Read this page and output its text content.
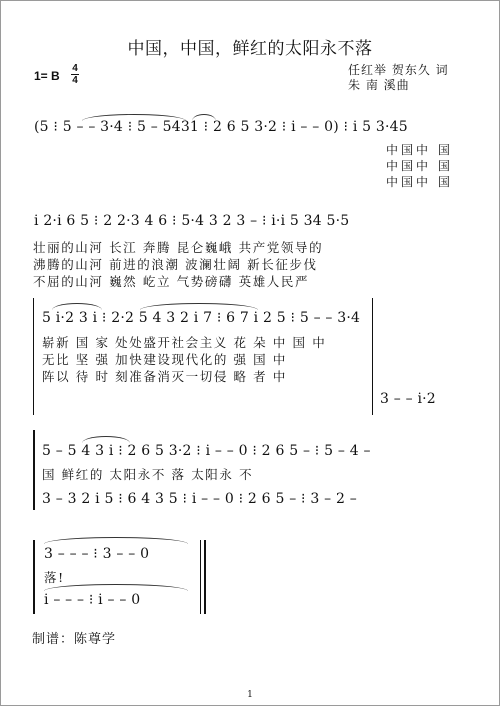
中国，中国，鲜红的太阳永不落
任红举 贺东久 词
朱 南 溪曲
1= B
4
4
(5 ⁝ 5 – – 3·4 ⁝ 5 – 5431 ⁝ 2 6 5 3·2 ⁝ i – – 0) ⁝ i 5 3·45
中国中 国
中国中 国
中国中 国
i 2·i 6 5 ⁝ 2 2·3 4 6 ⁝ 5·4 3 2 3 – ⁝ i·i 5 34 5·5
壮丽的山河 长江 奔腾 昆仑巍峨 共产党领导的
沸腾的山河 前进的浪潮 波澜壮阔 新长征步伐
不屈的山河 巍然 屹立 气势磅礴 英雄人民严
5 i·2 3 i ⁝ 2·2 5 4 3 2 i 7 ⁝ 6 7 i 2 5 ⁝ 5 – – 3·4
崭新 国 家 处处盛开社会主义 花 朵 中 国 中
无比 坚 强 加快建设现代化的 强 国 中
阵以 待 时 刻准备消灭一切侵 略 者 中
3 – – i·2
5 – 5 4 3 i ⁝ 2 6 5 3·2 ⁝ i – – 0 ⁝ 2 6 5 – ⁝ 5 – 4 –
国 鲜红的 太阳永不 落 太阳永 不
3 – 3 2 i 5 ⁝ 6 4 3 5 ⁝ i – – 0 ⁝ 2 6 5 – ⁝ 3 – 2 –
3 – – – ⁝ 3 – – 0
落!
i – – – ⁝ i – – 0
制谱：陈尊学
1
